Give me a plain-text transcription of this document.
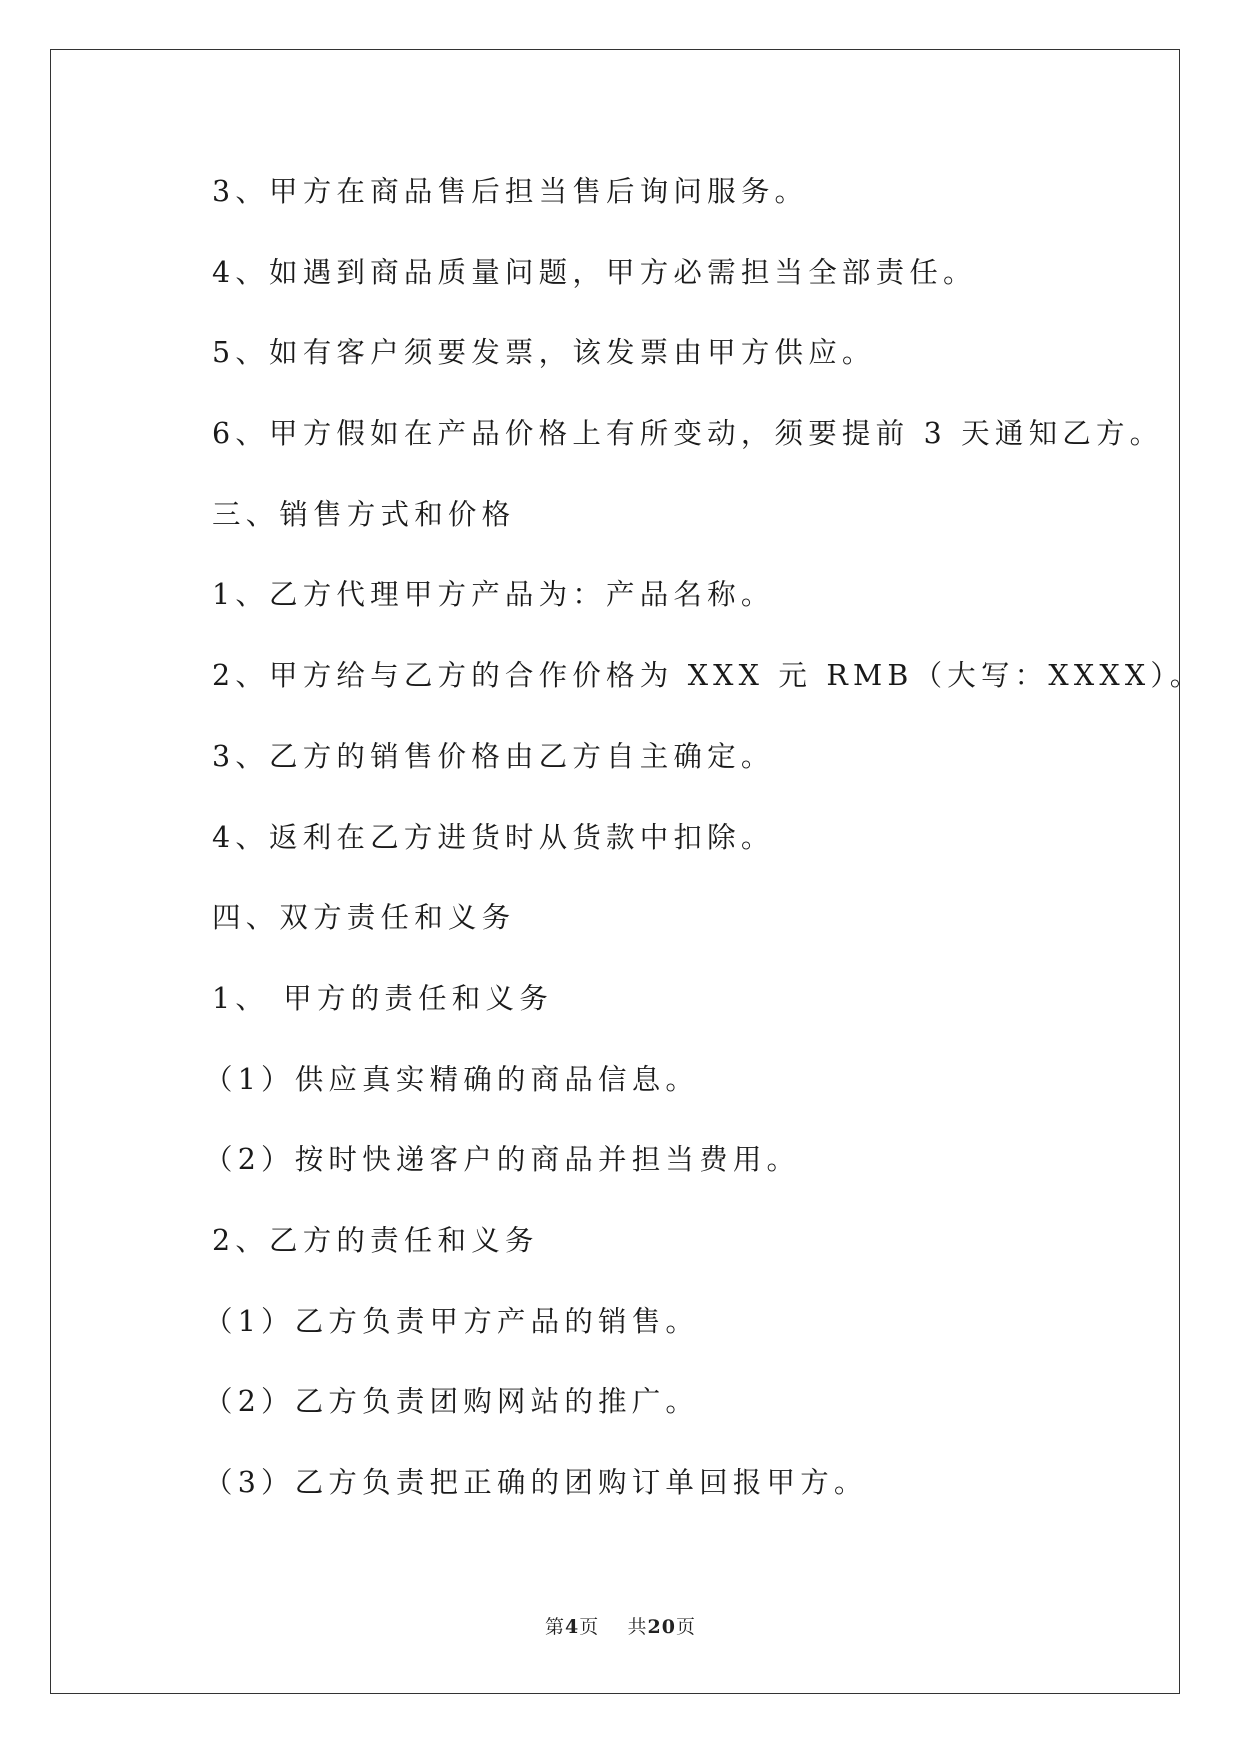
3、甲方在商品售后担当售后询问服务。
4、如遇到商品质量问题，甲方必需担当全部责任。
5、如有客户须要发票，该发票由甲方供应。
6、甲方假如在产品价格上有所变动，须要提前 3 天通知乙方。
三、销售方式和价格
1、乙方代理甲方产品为：产品名称。
2、甲方给与乙方的合作价格为 XXX 元 RMB（大写：XXXX）。
3、乙方的销售价格由乙方自主确定。
4、返利在乙方进货时从货款中扣除。
四、双方责任和义务
1、 甲方的责任和义务
（1）供应真实精确的商品信息。
（2）按时快递客户的商品并担当费用。
2、乙方的责任和义务
（1）乙方负责甲方产品的销售。
（2）乙方负责团购网站的推广。
（3）乙方负责把正确的团购订单回报甲方。
第4页 共20页
